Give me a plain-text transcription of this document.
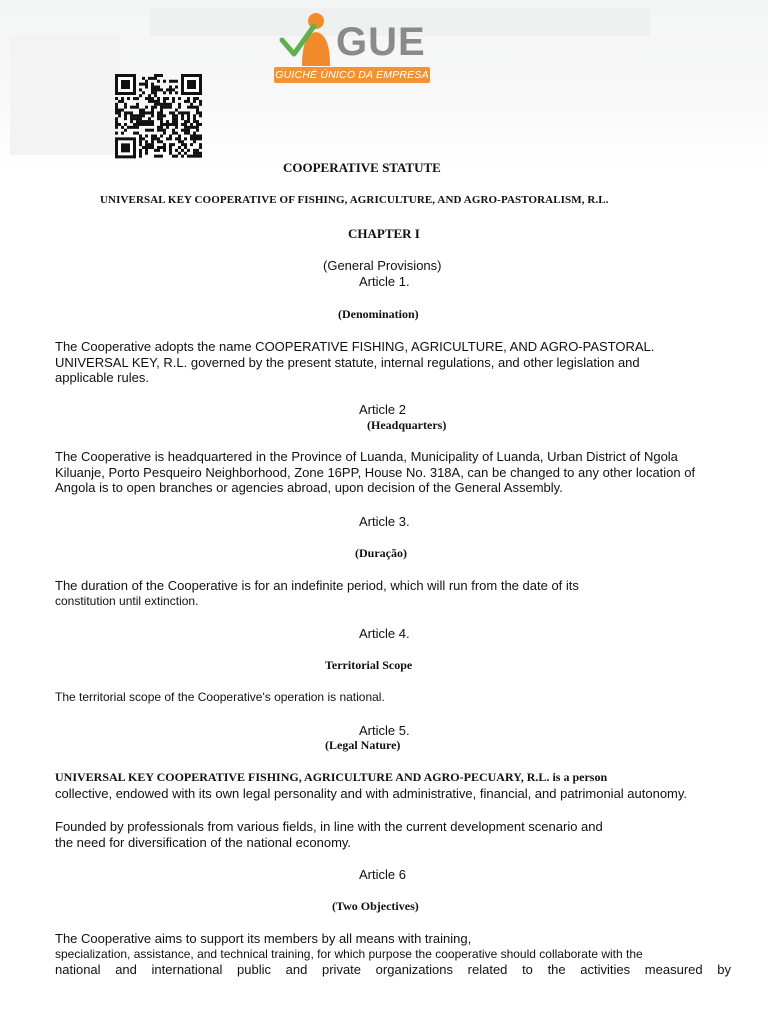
GUE
GUICHÉ ÚNICO DA EMPRESA
COOPERATIVE STATUTE
UNIVERSAL KEY COOPERATIVE OF FISHING, AGRICULTURE, AND AGRO-PASTORALISM, R.L.
CHAPTER I
(General Provisions)
Article 1.
(Denomination)
The Cooperative adopts the name COOPERATIVE FISHING, AGRICULTURE, AND AGRO-PASTORAL.
UNIVERSAL KEY, R.L. governed by the present statute, internal regulations, and other legislation and
applicable rules.
Article 2
(Headquarters)
The Cooperative is headquartered in the Province of Luanda, Municipality of Luanda, Urban District of Ngola
Kiluanje, Porto Pesqueiro Neighborhood, Zone 16PP, House No. 318A, can be changed to any other location of
Angola is to open branches or agencies abroad, upon decision of the General Assembly.
Article 3.
(Duração)
The duration of the Cooperative is for an indefinite period, which will run from the date of its
constitution until extinction.
Article 4.
Territorial Scope
The territorial scope of the Cooperative's operation is national.
Article 5.
(Legal Nature)
UNIVERSAL KEY COOPERATIVE FISHING, AGRICULTURE AND AGRO-PECUARY, R.L. is a person
collective, endowed with its own legal personality and with administrative, financial, and patrimonial autonomy.
Founded by professionals from various fields, in line with the current development scenario and
the need for diversification of the national economy.
Article 6
(Two Objectives)
The Cooperative aims to support its members by all means with training,
specialization, assistance, and technical training, for which purpose the cooperative should collaborate with the
national and international public and private organizations related to the activities measured by
